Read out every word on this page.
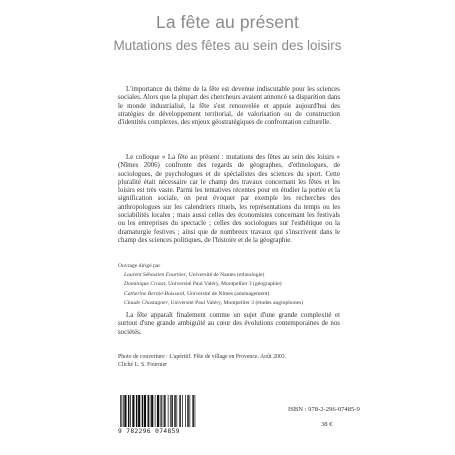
La fête au présent
Mutations des fêtes au sein des loisirs

L'importance du thème de la fête est devenue indiscutable pour les sciences sociales. Alors que la plupart des chercheurs avaient annoncé sa disparition dans le monde industrialisé, la fête s'est renouvelée et appuie aujourd'hui des stratégies de développement territorial, de valorisation ou de construction d'identités complexes, des enjeux géostratégiques de confrontation culturelle.

Le colloque « La fête au présent : mutations des fêtes au sein des loisirs » (Nîmes 2006) confronte des regards de géographes, d'ethnologues, de sociologues, de psychologues et de spécialistes des sciences du sport. Cette pluralité était nécessaire car le champ des travaux concernant les fêtes et les loisirs est très vaste. Parmi les tentatives récentes pour en étudier la portée et la signification sociale, on peut évoquer par exemple les recherches des anthropologues sur les calendriers rituels, les représentations du temps ou les sociabilités locales ; mais aussi celles des économistes concernant les festivals ou les entreprises du spectacle ; celles des sociologues sur l'esthétique ou la dramaturgie festives ; ainsi que de nombreux travaux qui s'inscrivent dans le champ des sciences politiques, de l'histoire et de la géographie.

Ouvrage dirigé par
Laurent Sébastien Fournier, Université de Nantes (ethnologie)
Dominique Crozat, Université Paul Valéry, Montpellier 3 (géographie)
Catherine Bernié-Boissard, Université de Nîmes (aménagement)
Claude Chastagner, Université Paul Valéry, Montpellier 3 (études anglophones)

La fête apparaît finalement comme un sujet d'une grande complexité et surtout d'une grande ambiguïté au cœur des évolutions contemporaines de nos sociétés.

Photo de couverture : L'apéritif. Fête de village en Provence. Août 2003.
Cliché L. S. Fournier
9 782296 074859
ISBN : 978-2-296-07485-9
38 €
